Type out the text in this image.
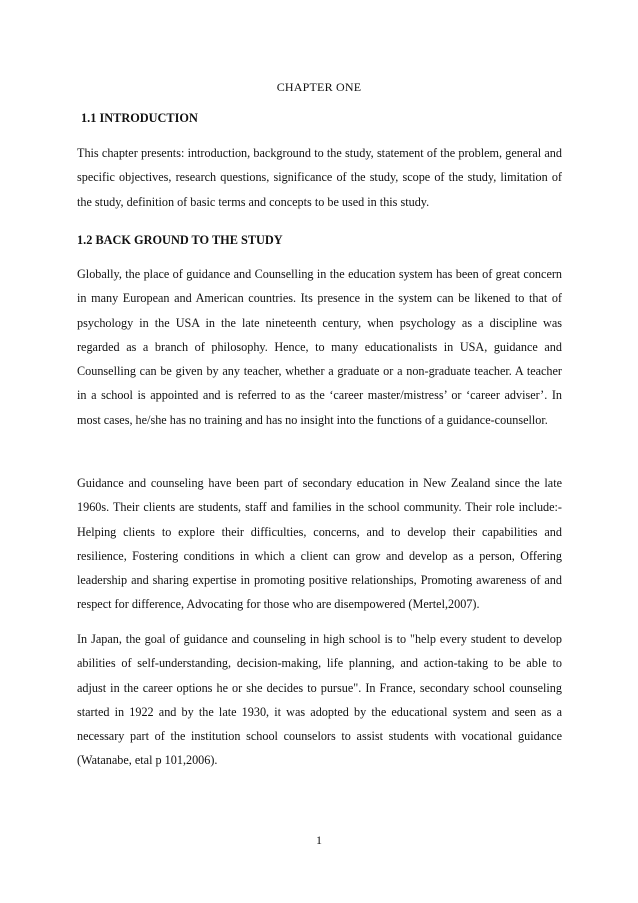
CHAPTER ONE
1.1 INTRODUCTION

This chapter presents: introduction, background to the study, statement of the problem, general and specific objectives, research questions, significance of the study, scope of the study, limitation of the study, definition of basic terms and concepts to be used in this study.

1.2 BACK GROUND TO THE STUDY

Globally, the place of guidance and Counselling in the education system has been of great concern in many European and American countries. Its presence in the system can be likened to that of psychology in the USA in the late nineteenth century, when psychology as a discipline was regarded as a branch of philosophy. Hence, to many educationalists in USA, guidance and Counselling can be given by any teacher, whether a graduate or a non-graduate teacher. A teacher in a school is appointed and is referred to as the ‘career master/mistress’ or ‘career adviser’. In most cases, he/she has no training and has no insight into the functions of a guidance-counsellor.

Guidance and counseling have been part of secondary education in New Zealand since the late 1960s. Their clients are students, staff and families in the school community. Their role include:-Helping clients to explore their difficulties, concerns, and to develop their capabilities and resilience, Fostering conditions in which a client can grow and develop as a person, Offering leadership and sharing expertise in promoting positive relationships, Promoting awareness of and respect for difference, Advocating for those who are disempowered (Mertel,2007).

In Japan, the goal of guidance and counseling in high school is to "help every student to develop abilities of self-understanding, decision-making, life planning, and action-taking to be able to adjust in the career options he or she decides to pursue". In France, secondary school counseling started in 1922 and by the late 1930, it was adopted by the educational system and seen as a necessary part of the institution school counselors to assist students with vocational guidance (Watanabe, etal p 101,2006).

1
